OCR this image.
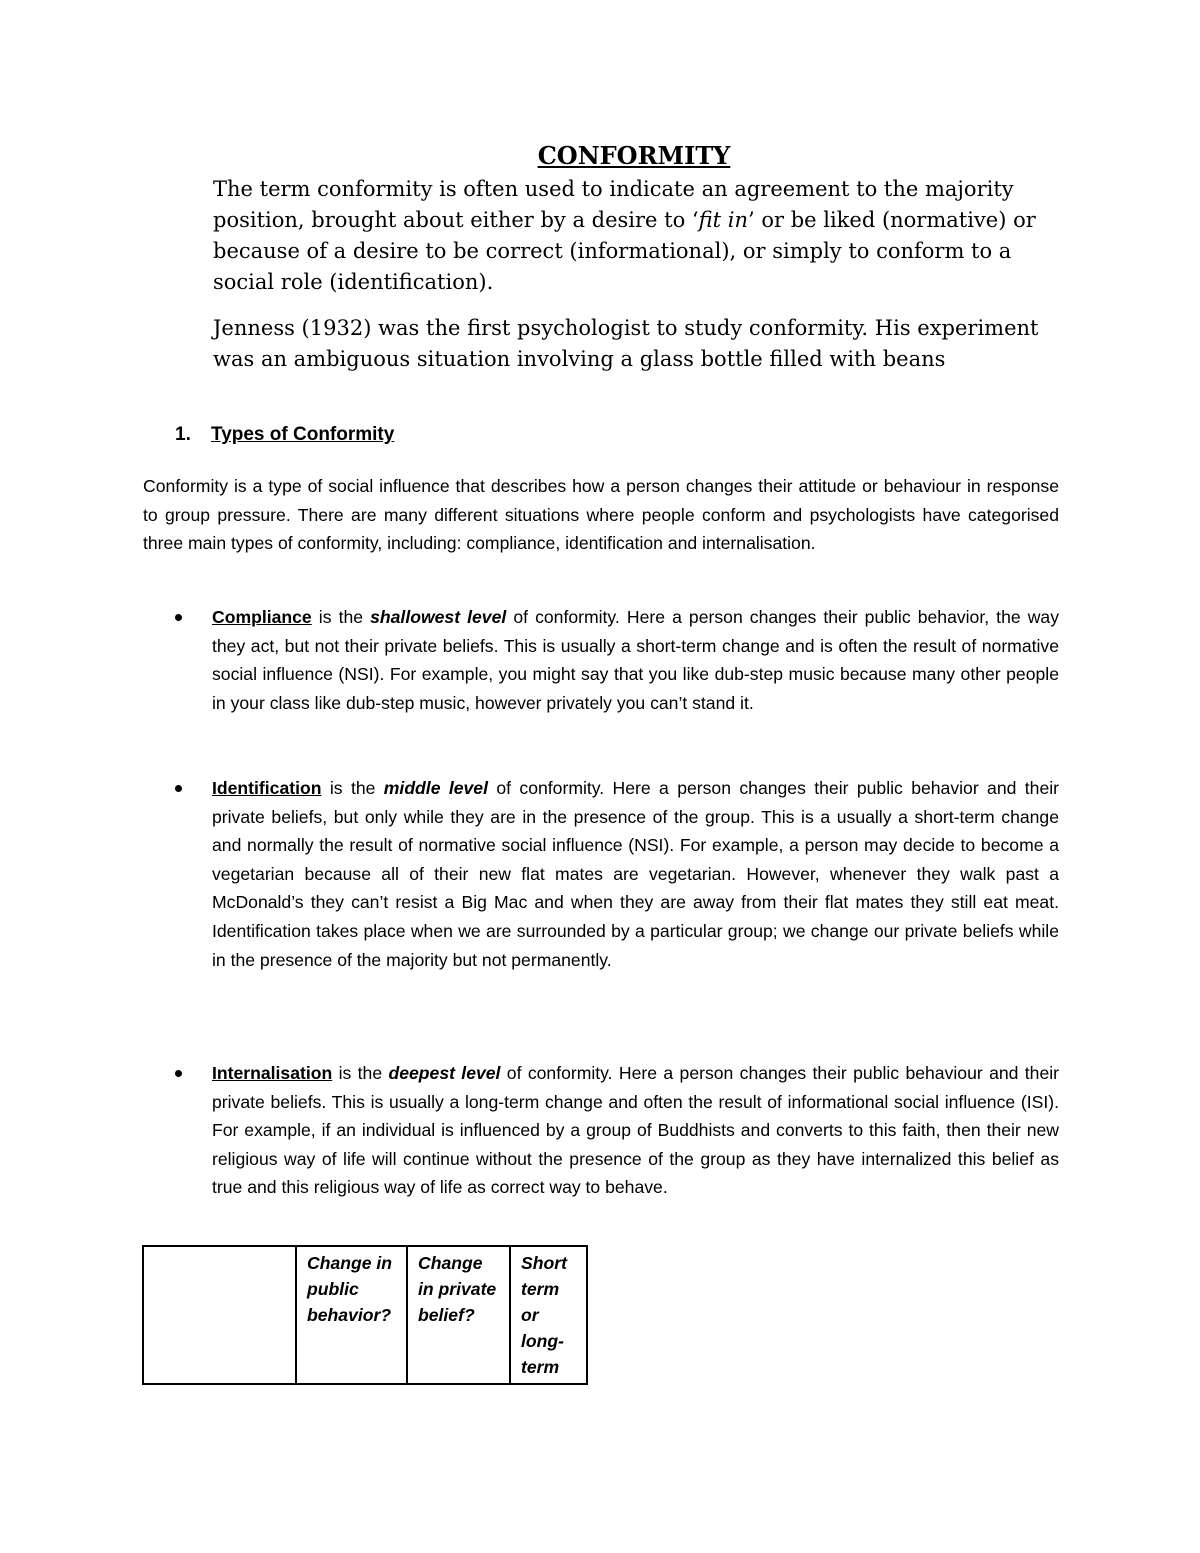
CONFORMITY
The term conformity is often used to indicate an agreement to the majority position, brought about either by a desire to ‘fit in’ or be liked (normative) or because of a desire to be correct (informational), or simply to conform to a social role (identification).
Jenness (1932) was the first psychologist to study conformity. His experiment was an ambiguous situation involving a glass bottle filled with beans
1. Types of Conformity
Conformity is a type of social influence that describes how a person changes their attitude or behaviour in response to group pressure. There are many different situations where people conform and psychologists have categorised three main types of conformity, including: compliance, identification and internalisation.
Compliance is the shallowest level of conformity. Here a person changes their public behavior, the way they act, but not their private beliefs. This is usually a short-term change and is often the result of normative social influence (NSI). For example, you might say that you like dub-step music because many other people in your class like dub-step music, however privately you can’t stand it.
Identification is the middle level of conformity. Here a person changes their public behavior and their private beliefs, but only while they are in the presence of the group. This is a usually a short-term change and normally the result of normative social influence (NSI). For example, a person may decide to become a vegetarian because all of their new flat mates are vegetarian. However, whenever they walk past a McDonald’s they can’t resist a Big Mac and when they are away from their flat mates they still eat meat. Identification takes place when we are surrounded by a particular group; we change our private beliefs while in the presence of the majority but not permanently.
Internalisation is the deepest level of conformity. Here a person changes their public behaviour and their private beliefs. This is usually a long-term change and often the result of informational social influence (ISI). For example, if an individual is influenced by a group of Buddhists and converts to this faith, then their new religious way of life will continue without the presence of the group as they have internalized this belief as true and this religious way of life as correct way to behave.
	Change in public behavior?	Change in private belief?	Short term or long-term
